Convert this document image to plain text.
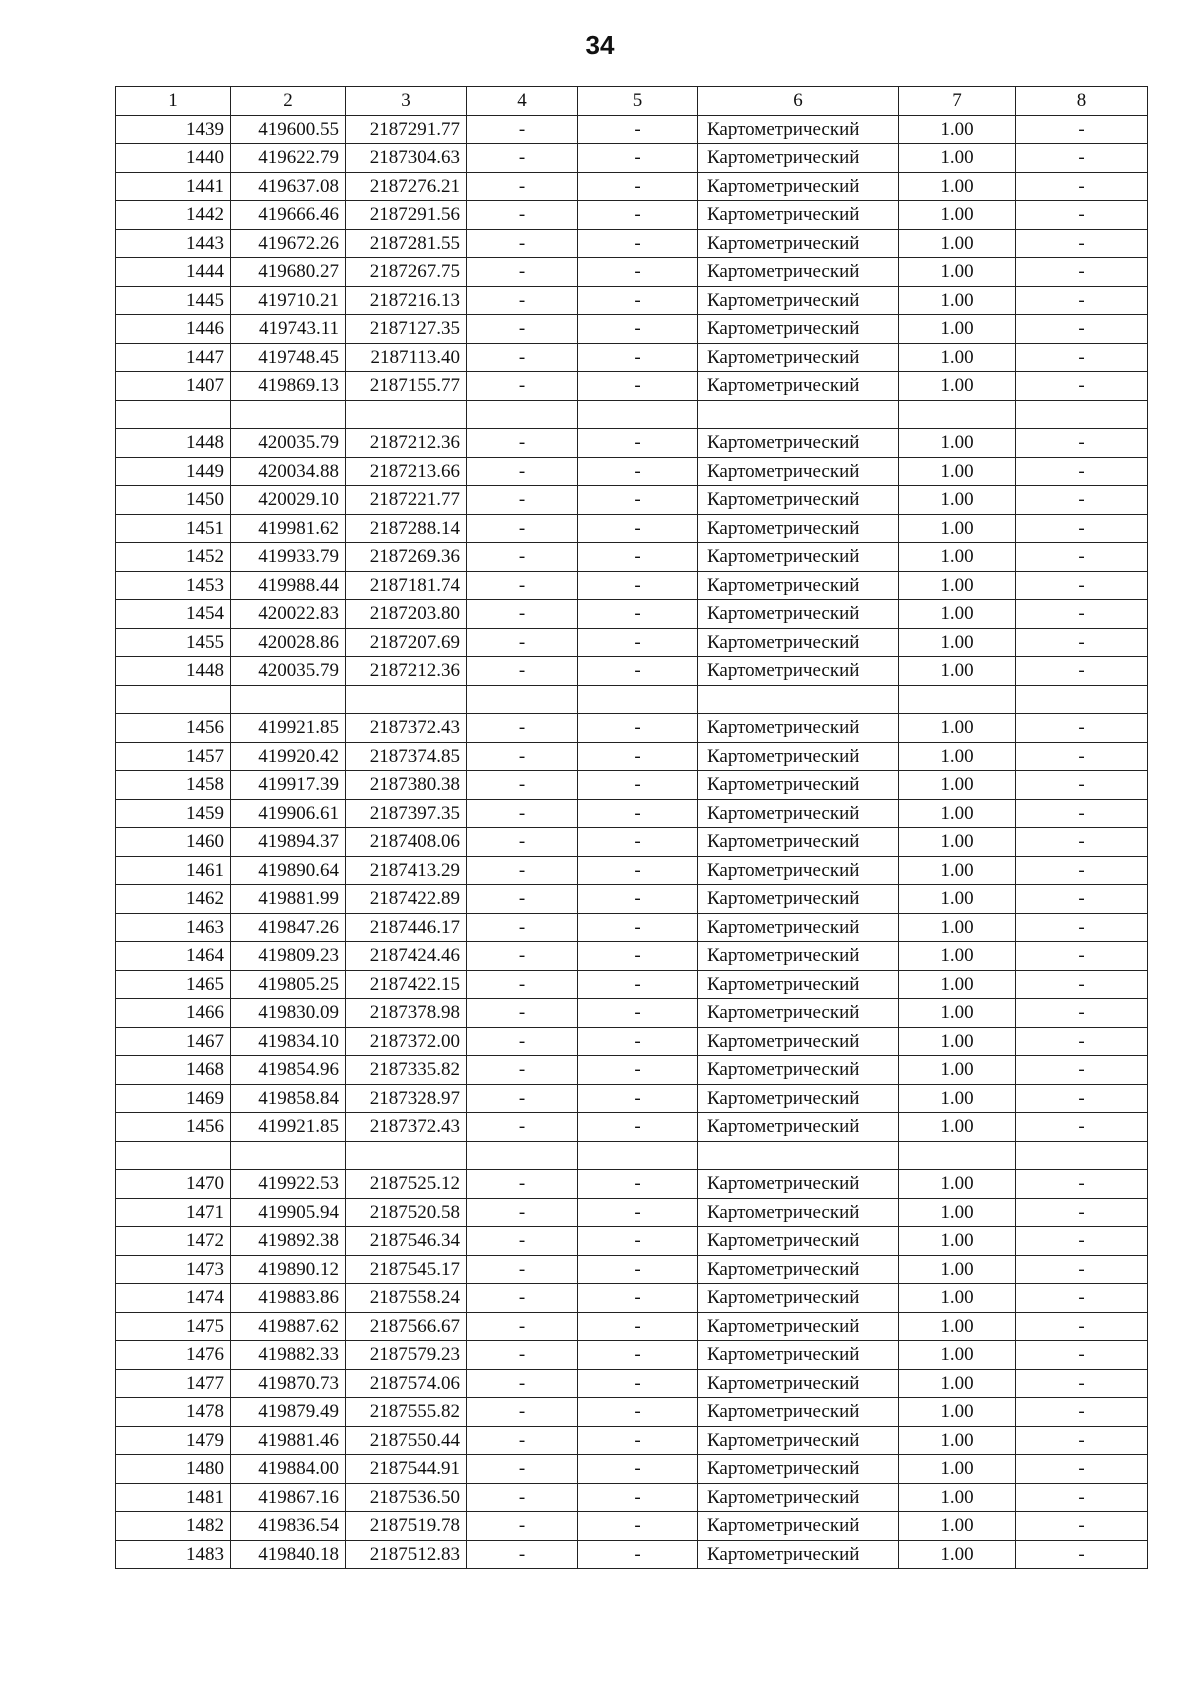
34
1	2	3	4	5	6	7	8
1439	419600.55	2187291.77	-	-	Картометрический	1.00	-
1440	419622.79	2187304.63	-	-	Картометрический	1.00	-
1441	419637.08	2187276.21	-	-	Картометрический	1.00	-
1442	419666.46	2187291.56	-	-	Картометрический	1.00	-
1443	419672.26	2187281.55	-	-	Картометрический	1.00	-
1444	419680.27	2187267.75	-	-	Картометрический	1.00	-
1445	419710.21	2187216.13	-	-	Картометрический	1.00	-
1446	419743.11	2187127.35	-	-	Картометрический	1.00	-
1447	419748.45	2187113.40	-	-	Картометрический	1.00	-
1407	419869.13	2187155.77	-	-	Картометрический	1.00	-

1448	420035.79	2187212.36	-	-	Картометрический	1.00	-
1449	420034.88	2187213.66	-	-	Картометрический	1.00	-
1450	420029.10	2187221.77	-	-	Картометрический	1.00	-
1451	419981.62	2187288.14	-	-	Картометрический	1.00	-
1452	419933.79	2187269.36	-	-	Картометрический	1.00	-
1453	419988.44	2187181.74	-	-	Картометрический	1.00	-
1454	420022.83	2187203.80	-	-	Картометрический	1.00	-
1455	420028.86	2187207.69	-	-	Картометрический	1.00	-
1448	420035.79	2187212.36	-	-	Картометрический	1.00	-

1456	419921.85	2187372.43	-	-	Картометрический	1.00	-
1457	419920.42	2187374.85	-	-	Картометрический	1.00	-
1458	419917.39	2187380.38	-	-	Картометрический	1.00	-
1459	419906.61	2187397.35	-	-	Картометрический	1.00	-
1460	419894.37	2187408.06	-	-	Картометрический	1.00	-
1461	419890.64	2187413.29	-	-	Картометрический	1.00	-
1462	419881.99	2187422.89	-	-	Картометрический	1.00	-
1463	419847.26	2187446.17	-	-	Картометрический	1.00	-
1464	419809.23	2187424.46	-	-	Картометрический	1.00	-
1465	419805.25	2187422.15	-	-	Картометрический	1.00	-
1466	419830.09	2187378.98	-	-	Картометрический	1.00	-
1467	419834.10	2187372.00	-	-	Картометрический	1.00	-
1468	419854.96	2187335.82	-	-	Картометрический	1.00	-
1469	419858.84	2187328.97	-	-	Картометрический	1.00	-
1456	419921.85	2187372.43	-	-	Картометрический	1.00	-

1470	419922.53	2187525.12	-	-	Картометрический	1.00	-
1471	419905.94	2187520.58	-	-	Картометрический	1.00	-
1472	419892.38	2187546.34	-	-	Картометрический	1.00	-
1473	419890.12	2187545.17	-	-	Картометрический	1.00	-
1474	419883.86	2187558.24	-	-	Картометрический	1.00	-
1475	419887.62	2187566.67	-	-	Картометрический	1.00	-
1476	419882.33	2187579.23	-	-	Картометрический	1.00	-
1477	419870.73	2187574.06	-	-	Картометрический	1.00	-
1478	419879.49	2187555.82	-	-	Картометрический	1.00	-
1479	419881.46	2187550.44	-	-	Картометрический	1.00	-
1480	419884.00	2187544.91	-	-	Картометрический	1.00	-
1481	419867.16	2187536.50	-	-	Картометрический	1.00	-
1482	419836.54	2187519.78	-	-	Картометрический	1.00	-
1483	419840.18	2187512.83	-	-	Картометрический	1.00	-
